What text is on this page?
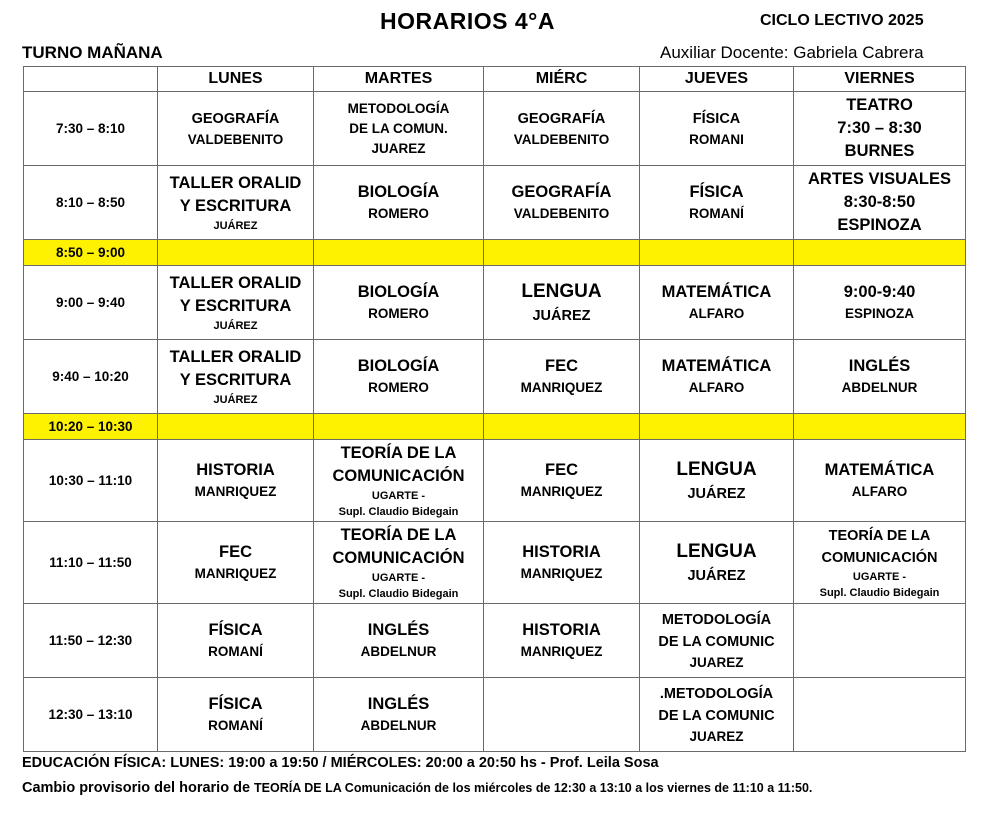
HORARIOS 4°A	CICLO LECTIVO 2025
TURNO MAÑANA	Auxiliar Docente: Gabriela Cabrera
	LUNES	MARTES	MIÉRC	JUEVES	VIERNES
7:30 – 8:10	GEOGRAFÍA
VALDEBENITO	METODOLOGÍA
DE LA COMUN.
JUAREZ	GEOGRAFÍA
VALDEBENITO	FÍSICA
ROMANI	TEATRO
7:30 – 8:30
BURNES

8:10 – 8:50	TALLER ORALID
Y ESCRITURA
JUÁREZ	BIOLOGÍA
ROMERO	GEOGRAFÍA
VALDEBENITO	FÍSICA
ROMANÍ	ARTES VISUALES
8:30-8:50
ESPINOZA

8:50 – 9:00					
9:00 – 9:40	TALLER ORALID
Y ESCRITURA
JUÁREZ	BIOLOGÍA
ROMERO	LENGUA
JUÁREZ	MATEMÁTICA
ALFARO	9:00-9:40
ESPINOZA

9:40 – 10:20	TALLER ORALID
Y ESCRITURA
JUÁREZ	BIOLOGÍA
ROMERO	FEC
MANRIQUEZ	MATEMÁTICA
ALFARO	INGLÉS
ABDELNUR

10:20 – 10:30					
10:30 – 11:10	HISTORIA
MANRIQUEZ	TEORÍA DE LA
COMUNICACIÓN
UGARTE -
Supl. Claudio Bidegain	FEC
MANRIQUEZ	LENGUA
JUÁREZ	MATEMÁTICA
ALFARO

11:10 – 11:50	FEC
MANRIQUEZ	TEORÍA DE LA
COMUNICACIÓN
UGARTE -
Supl. Claudio Bidegain	HISTORIA
MANRIQUEZ	LENGUA
JUÁREZ	TEORÍA DE LA
COMUNICACIÓN
UGARTE -
Supl. Claudio Bidegain

11:50 – 12:30	FÍSICA
ROMANÍ	INGLÉS
ABDELNUR	HISTORIA
MANRIQUEZ	METODOLOGÍA
DE LA COMUNIC
JUAREZ	

12:30 – 13:10	FÍSICA
ROMANÍ	INGLÉS
ABDELNUR		.METODOLOGÍA
DE LA COMUNIC
JUAREZ	

EDUCACIÓN FÍSICA: LUNES: 19:00 a 19:50 / MIÉRCOLES: 20:00 a 20:50 hs - Prof. Leila Sosa
Cambio provisorio del horario de TEORÍA DE LA Comunicación de los miércoles de 12:30 a 13:10 a los viernes de 11:10 a 11:50.
